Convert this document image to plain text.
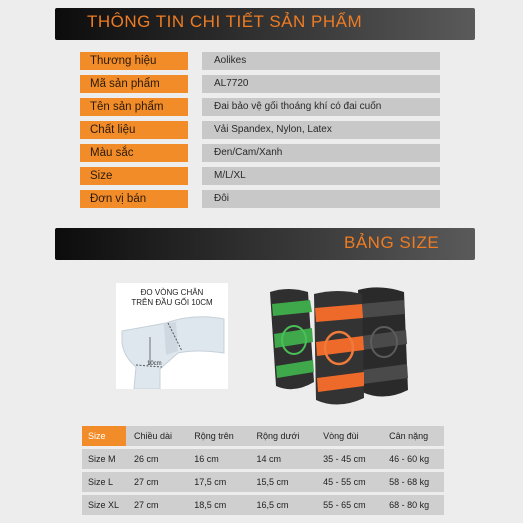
THÔNG TIN CHI TIẾT SẢN PHẨM
Thương hiệu	Aolikes
Mã sản phẩm	AL7720
Tên sản phẩm	Đai bảo vệ gối thoáng khí có đai cuốn
Chất liệu	Vải Spandex, Nylon, Latex
Màu sắc	Đen/Cam/Xanh
Size	M/L/XL
Đơn vị bán	Đôi
BẢNG SIZE
ĐO VÒNG CHÂN
TRÊN ĐẦU GỐI 10CM
10cm
Size	Chiều dài	Rộng trên	Rộng dưới	Vòng đùi	Cân nặng
Size M	26 cm	16 cm	14 cm	35 - 45 cm	46 - 60 kg
Size L	27 cm	17,5 cm	15,5 cm	45 - 55 cm	58 - 68 kg
Size XL	27 cm	18,5 cm	16,5 cm	55 - 65 cm	68 - 80 kg
